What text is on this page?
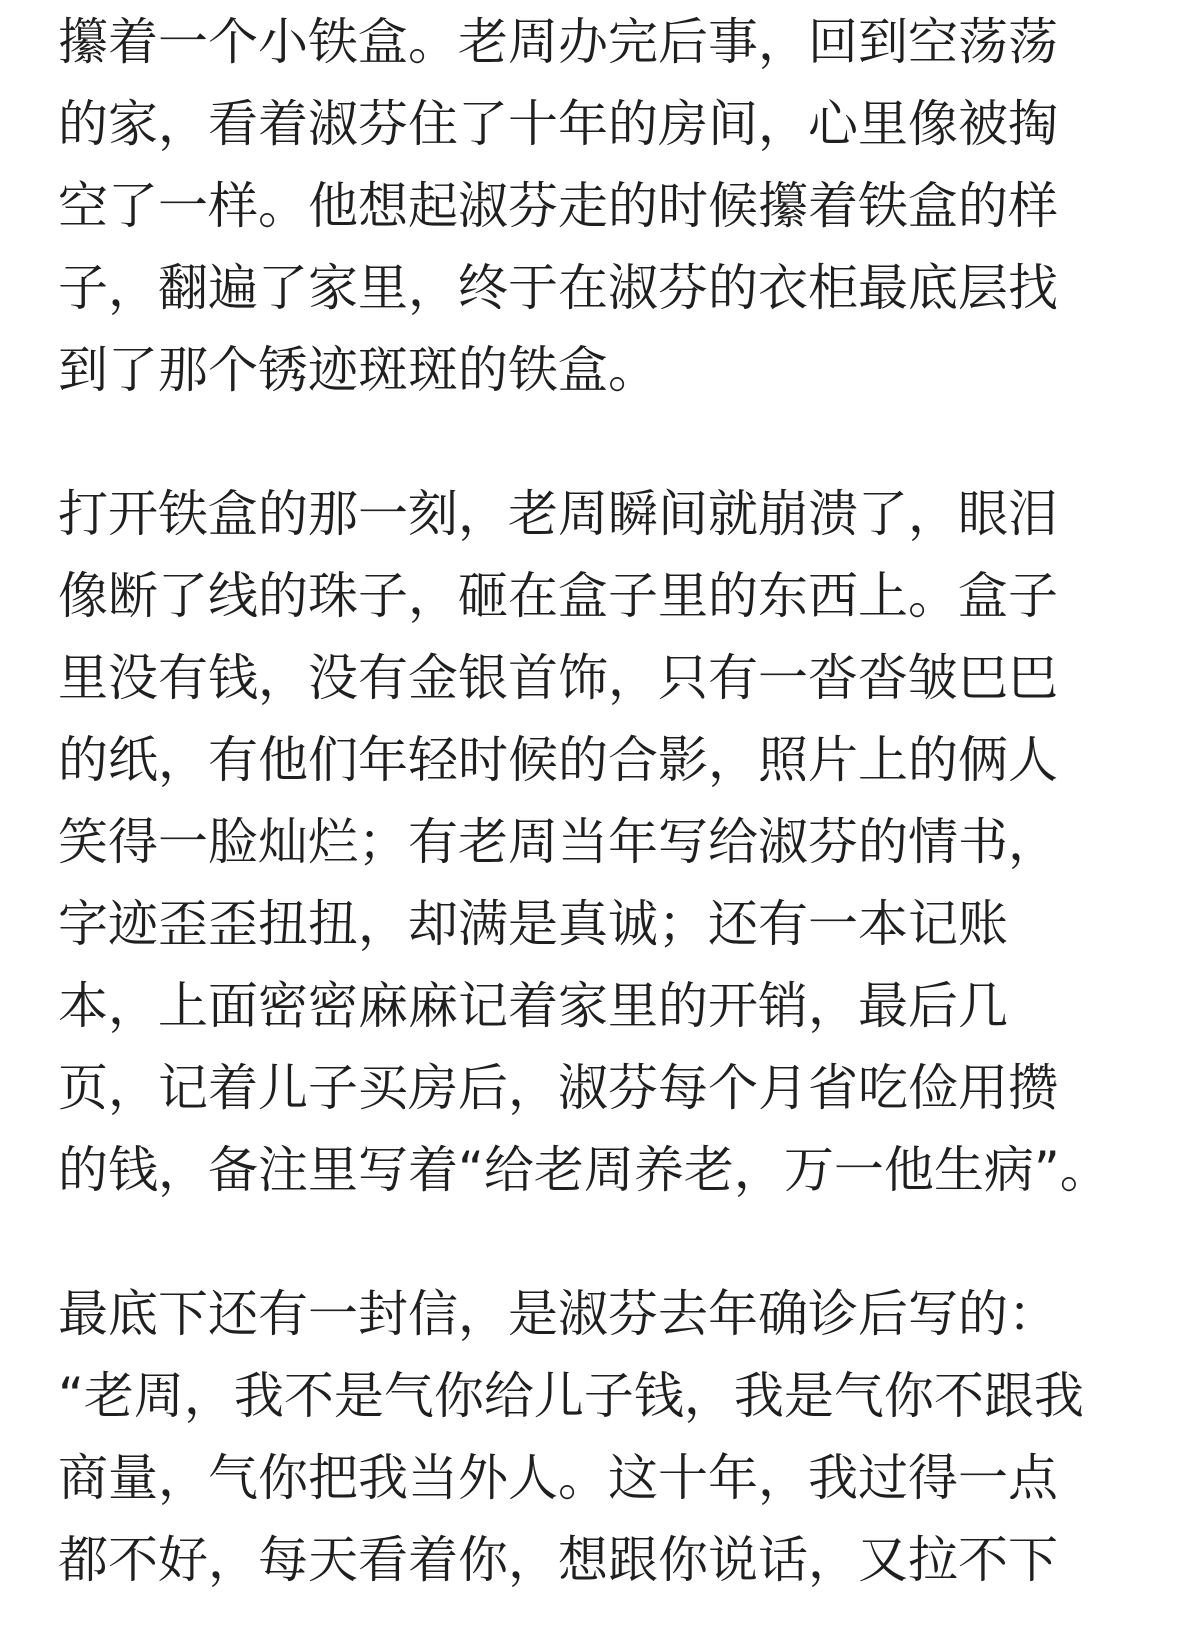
攥着一个小铁盒。老周办完后事，回到空荡荡
的家，看着淑芬住了十年的房间，心里像被掏
空了一样。他想起淑芬走的时候攥着铁盒的样
子，翻遍了家里，终于在淑芬的衣柜最底层找
到了那个锈迹斑斑的铁盒。
打开铁盒的那一刻，老周瞬间就崩溃了，眼泪
像断了线的珠子，砸在盒子里的东西上。盒子
里没有钱，没有金银首饰，只有一沓沓皱巴巴
的纸，有他们年轻时候的合影，照片上的俩人
笑得一脸灿烂；有老周当年写给淑芬的情书，
字迹歪歪扭扭，却满是真诚；还有一本记账
本，上面密密麻麻记着家里的开销，最后几
页，记着儿子买房后，淑芬每个月省吃俭用攒
的钱，备注里写着“给老周养老，万一他生病”。
最底下还有一封信，是淑芬去年确诊后写的：
“老周，我不是气你给儿子钱，我是气你不跟我
商量，气你把我当外人。这十年，我过得一点
都不好，每天看着你，想跟你说话，又拉不下
